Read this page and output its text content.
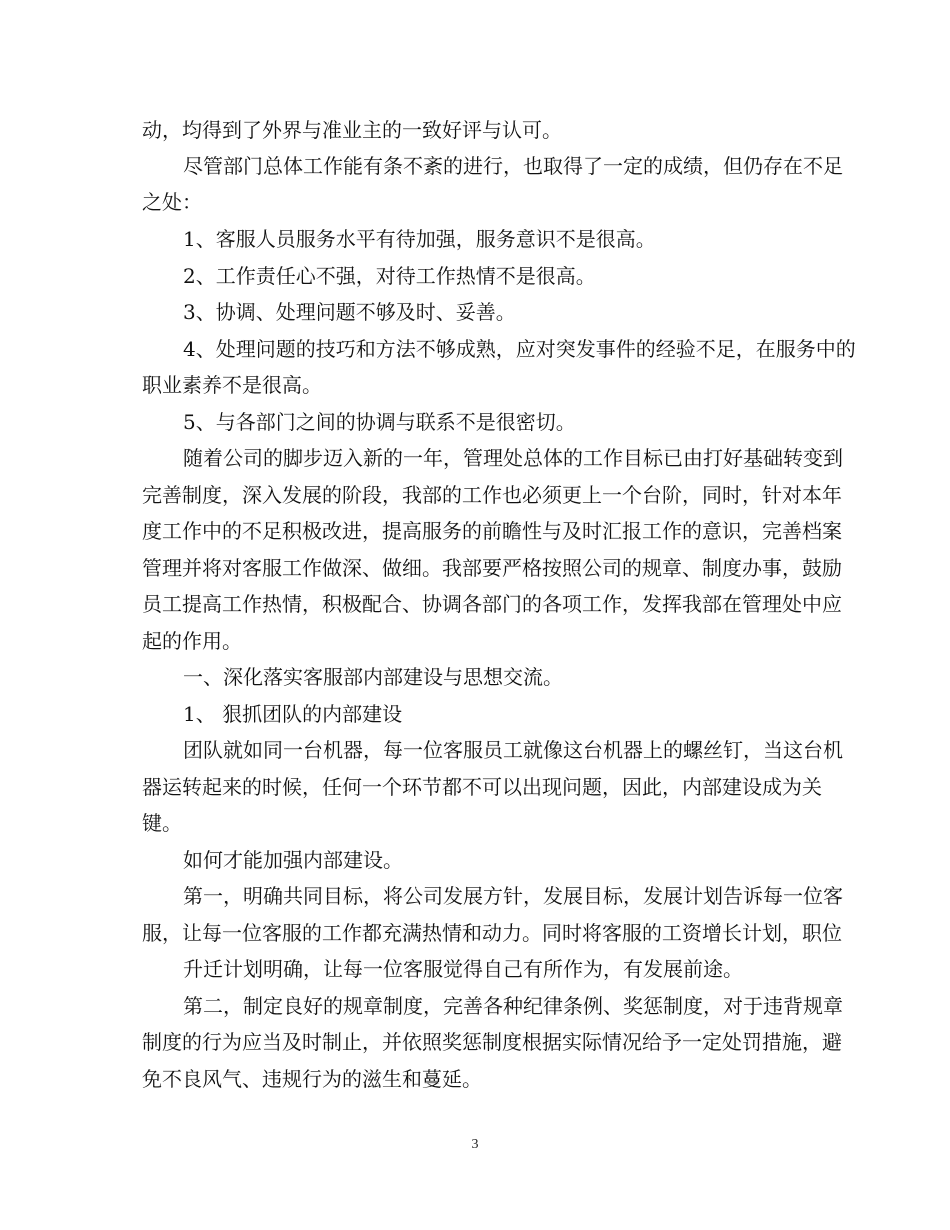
动，均得到了外界与准业主的一致好评与认可。
尽管部门总体工作能有条不紊的进行，也取得了一定的成绩，但仍存在不足
之处：
1、客服人员服务水平有待加强，服务意识不是很高。
2、工作责任心不强，对待工作热情不是很高。
3、协调、处理问题不够及时、妥善。
4、处理问题的技巧和方法不够成熟，应对突发事件的经验不足，在服务中的
职业素养不是很高。
5、与各部门之间的协调与联系不是很密切。
随着公司的脚步迈入新的一年，管理处总体的工作目标已由打好基础转变到
完善制度，深入发展的阶段，我部的工作也必须更上一个台阶，同时，针对本年
度工作中的不足积极改进，提高服务的前瞻性与及时汇报工作的意识，完善档案
管理并将对客服工作做深、做细。我部要严格按照公司的规章、制度办事，鼓励
员工提高工作热情，积极配合、协调各部门的各项工作，发挥我部在管理处中应
起的作用。
一、深化落实客服部内部建设与思想交流。
1、 狠抓团队的内部建设
团队就如同一台机器，每一位客服员工就像这台机器上的螺丝钉，当这台机
器运转起来的时候，任何一个环节都不可以出现问题，因此，内部建设成为关
键。
如何才能加强内部建设。
第一，明确共同目标，将公司发展方针，发展目标，发展计划告诉每一位客
服，让每一位客服的工作都充满热情和动力。同时将客服的工资增长计划，职位
升迁计划明确，让每一位客服觉得自己有所作为，有发展前途。
第二，制定良好的规章制度，完善各种纪律条例、奖惩制度，对于违背规章
制度的行为应当及时制止，并依照奖惩制度根据实际情况给予一定处罚措施，避
免不良风气、违规行为的滋生和蔓延。
3
